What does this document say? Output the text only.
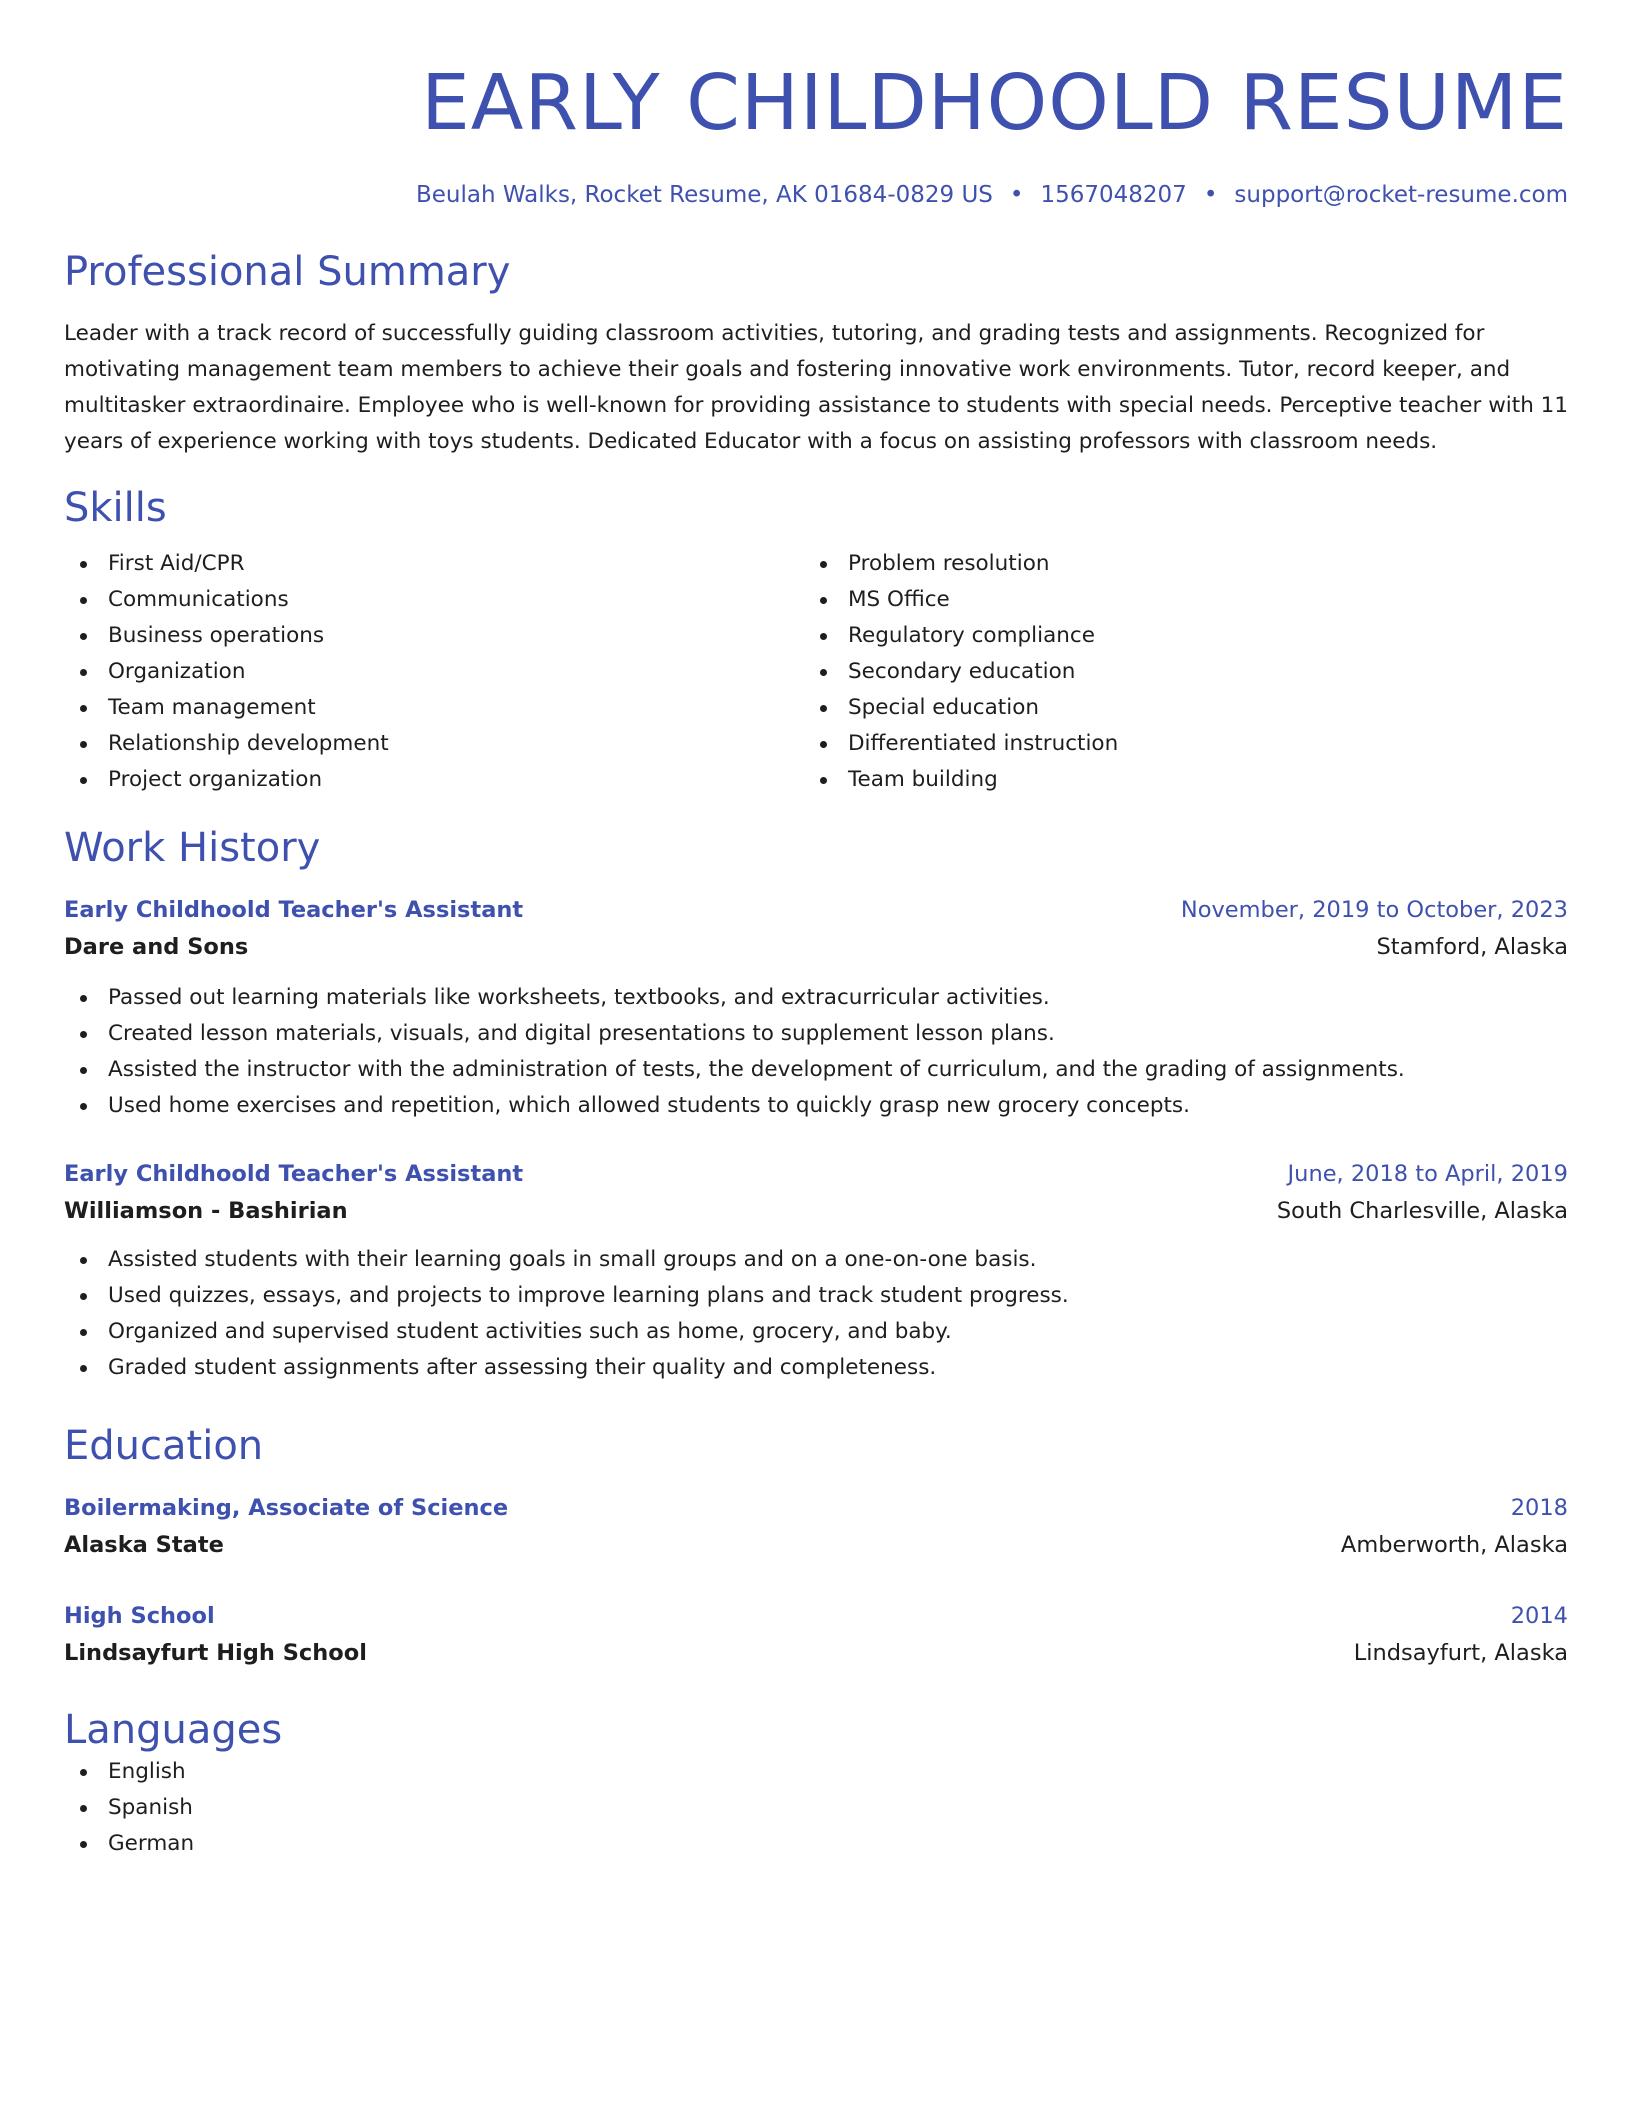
EARLY CHILDHOOLD RESUME
Beulah Walks, Rocket Resume, AK 01684-0829 US • 1567048207 • support@rocket-resume.com
Professional Summary

Leader with a track record of successfully guiding classroom activities, tutoring, and grading tests and assignments. Recognized for motivating management team members to achieve their goals and fostering innovative work environments. Tutor, record keeper, and multitasker extraordinaire. Employee who is well-known for providing assistance to students with special needs. Perceptive teacher with 11 years of experience working with toys students. Dedicated Educator with a focus on assisting professors with classroom needs.

Skills
First Aid/CPR
Communications
Business operations
Organization
Team management
Relationship development
Project organization
Problem resolution
MS Office
Regulatory compliance
Secondary education
Special education
Differentiated instruction
Team building
Work History
Early Childhoold Teacher's Assistant	November, 2019 to October, 2023
Dare and Sons	Stamford, Alaska
Passed out learning materials like worksheets, textbooks, and extracurricular activities.
Created lesson materials, visuals, and digital presentations to supplement lesson plans.
Assisted the instructor with the administration of tests, the development of curriculum, and the grading of assignments.
Used home exercises and repetition, which allowed students to quickly grasp new grocery concepts.
Early Childhoold Teacher's Assistant	June, 2018 to April, 2019
Williamson - Bashirian	South Charlesville, Alaska
Assisted students with their learning goals in small groups and on a one-on-one basis.
Used quizzes, essays, and projects to improve learning plans and track student progress.
Organized and supervised student activities such as home, grocery, and baby.
Graded student assignments after assessing their quality and completeness.
Education
Boilermaking, Associate of Science	2018
Alaska State	Amberworth, Alaska
High School	2014
Lindsayfurt High School	Lindsayfurt, Alaska
Languages
English
Spanish
German
